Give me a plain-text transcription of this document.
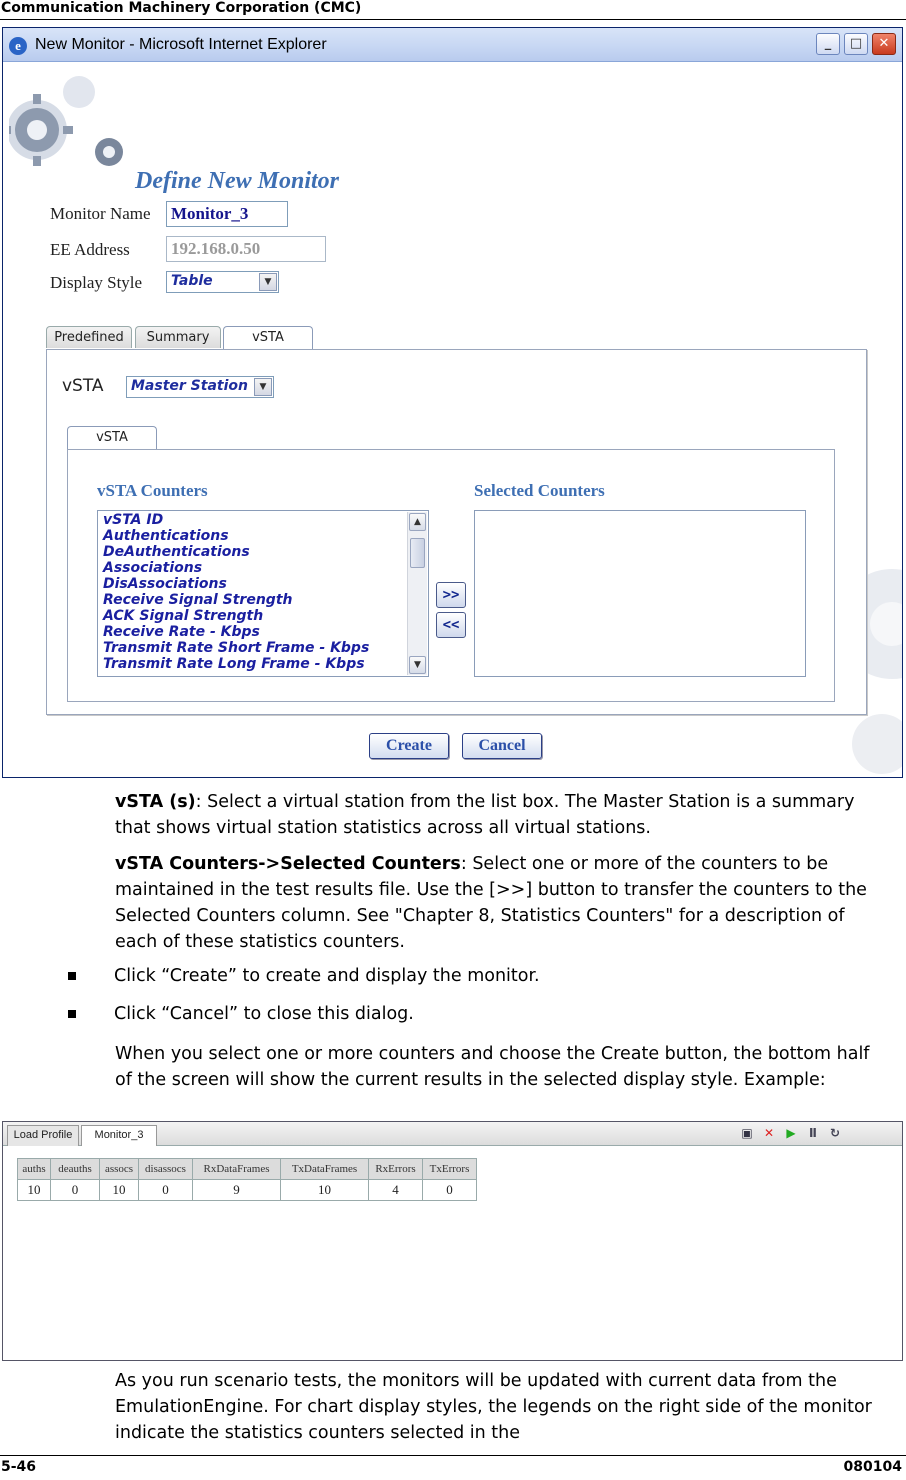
Communication Machinery Corporation (CMC)
e New Monitor - Microsoft Internet Explorer	_	□	✕
Define New Monitor
Monitor Name Monitor_3
EE Address 192.168.0.50
Display Style	Table	▼
Predefined	Summary	vSTA
vSTA	Master Station	▼
vSTA
vSTA Counters	Selected Counters
vSTA ID
Authentications
DeAuthentications
Associations
DisAssociations
Receive Signal Strength
ACK Signal Strength
Receive Rate - Kbps
Transmit Rate Short Frame - Kbps
Transmit Rate Long Frame - Kbps
▲
▼
>>
<<
Create	Cancel
vSTA (s): Select a virtual station from the list box. The Master Station is a summary that shows virtual station statistics across all virtual stations.
vSTA Counters->Selected Counters: Select one or more of the counters to be maintained in the test results file. Use the [>>] button to transfer the counters to the Selected Counters column. See "Chapter 8, Statistics Counters" for a description of each of these statistics counters.
Click “Create” to create and display the monitor.
Click “Cancel” to close this dialog.
When you select one or more counters and choose the Create button, the bottom half of the screen will show the current results in the selected display style. Example:
Load Profile	Monitor_3	▣ ✕ ▶ Ⅱ ↻
auths	deauths	assocs	disassocs	RxDataFrames	TxDataFrames	RxErrors	TxErrors
10	0	10	0	9	10	4	0
As you run scenario tests, the monitors will be updated with current data from the EmulationEngine. For chart display styles, the legends on the right side of the monitor indicate the statistics counters selected in the
5-46	080104
